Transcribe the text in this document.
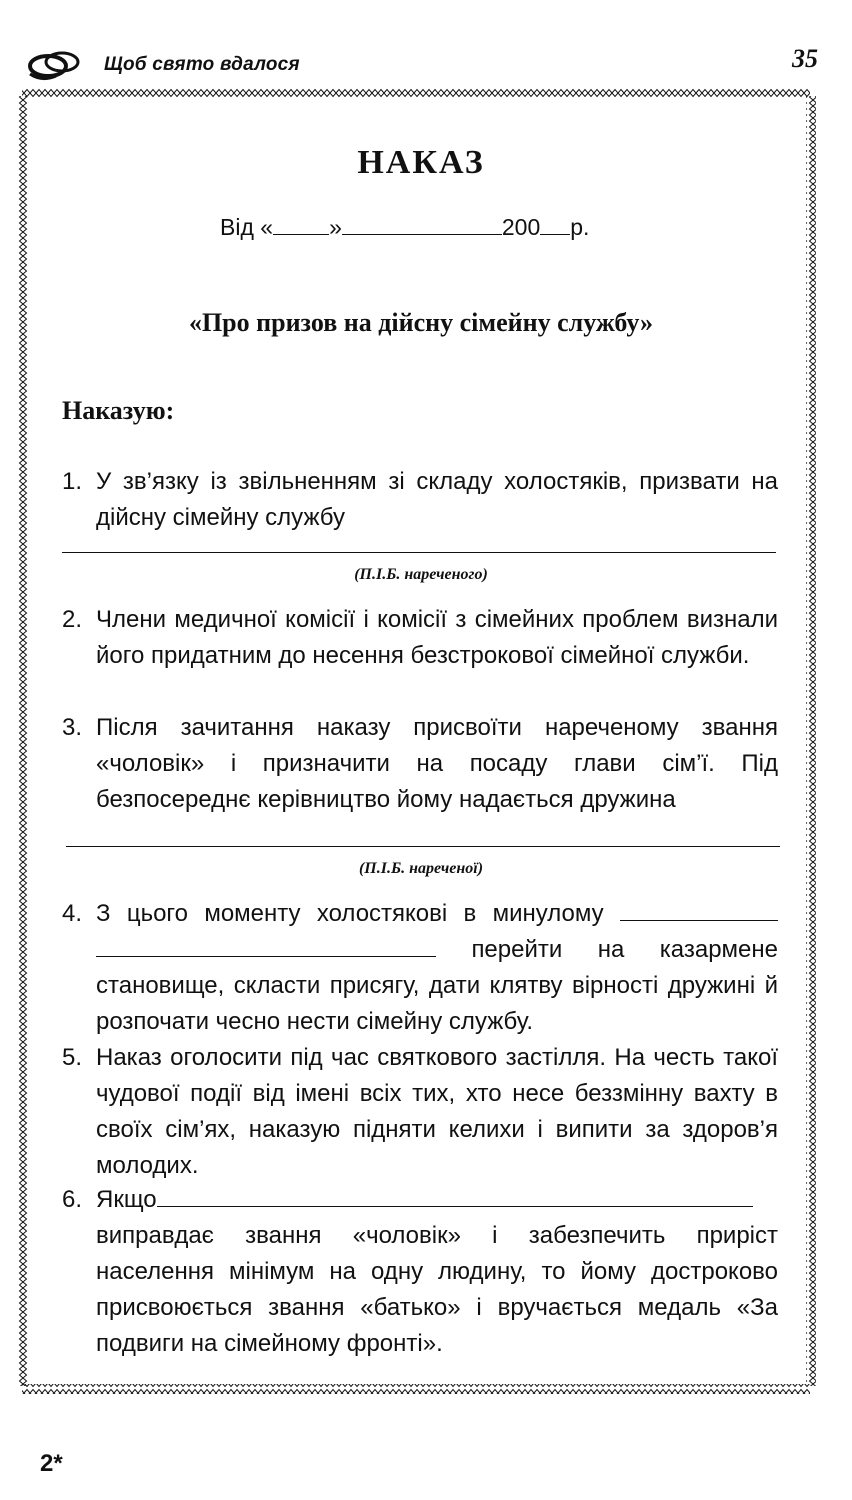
Щоб свято вдалося	35
НАКАЗ
Від « »	200 р.
«Про призов на дійсну сімейну службу»
Наказую:
1. У зв’язку із звільненням зі складу холостяків, призвати на дійсну сімейну службу
(П.І.Б. нареченого)
2. Члени медичної комісії і комісії з сімейних проблем визнали його придатним до несення безстрокової сімейної служби.
3. Після зачитання наказу присвоїти нареченому звання «чоловік» і призначити на посаду глави сім’ї. Під безпосереднє керівництво йому надається дружина
(П.І.Б. нареченої)
4. З цього моменту холостякові в минулому   перейти на казармене становище, скласти присягу, дати клятву вірності дружині й розпочати чесно нести сімейну службу.
5. Наказ оголосити під час святкового застілля. На честь такої чудової події від імені всіх тих, хто несе беззмінну вахту в своїх сім’ях, наказую підняти келихи і випити за здоров’я молодих.
6. Якщо виправдає звання «чоловік» і забезпечить приріст населення мінімум на одну людину, то йому достроково присвоюється звання «батько» і вручається медаль «За подвиги на сімейному фронті».
2*
